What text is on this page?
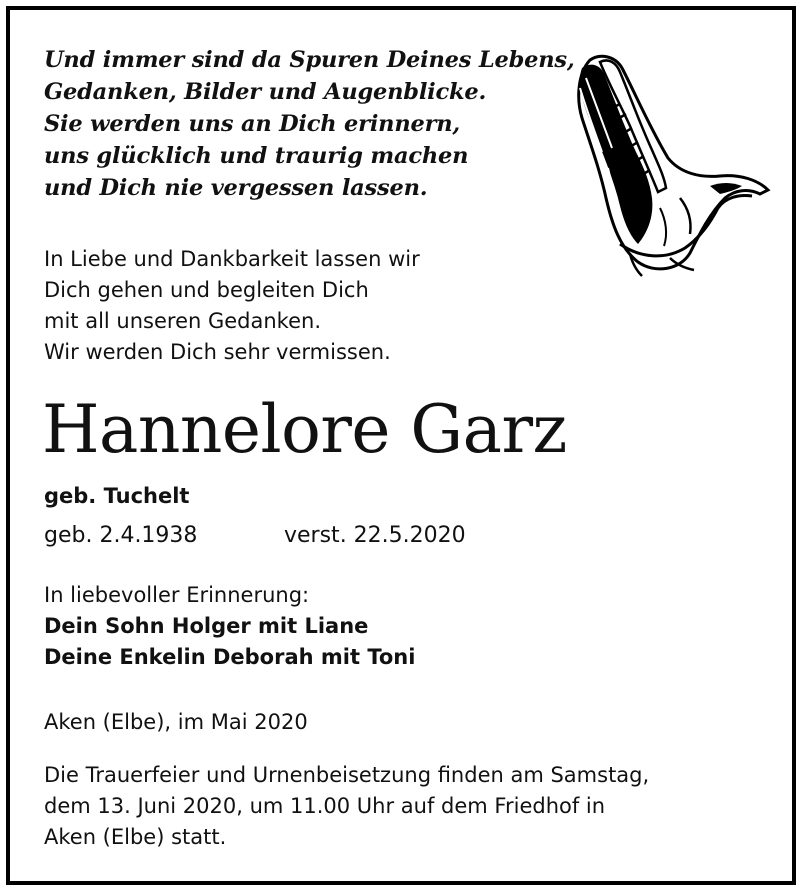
Und immer sind da Spuren Deines Lebens,
Gedanken, Bilder und Augenblicke.
Sie werden uns an Dich erinnern,
uns glücklich und traurig machen
und Dich nie vergessen lassen.
In Liebe und Dankbarkeit lassen wir
Dich gehen und begleiten Dich
mit all unseren Gedanken.
Wir werden Dich sehr vermissen.
Hannelore Garz
geb. Tuchelt
geb. 2.4.1938	verst. 22.5.2020
In liebevoller Erinnerung:
Dein Sohn Holger mit Liane
Deine Enkelin Deborah mit Toni
Aken (Elbe), im Mai 2020
Die Trauerfeier und Urnenbeisetzung finden am Samstag,
dem 13. Juni 2020, um 11.00 Uhr auf dem Friedhof in
Aken (Elbe) statt.
